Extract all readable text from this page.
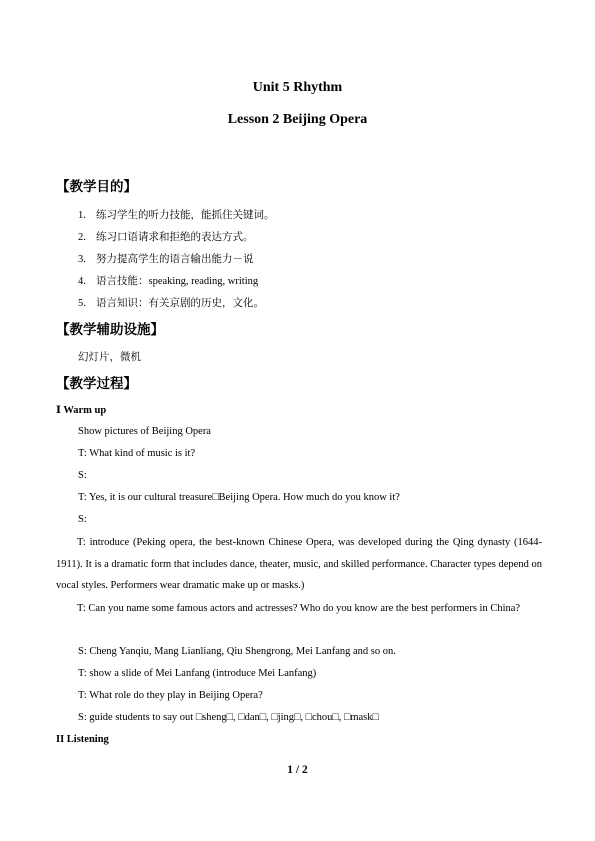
Unit 5 Rhythm
Lesson 2 Beijing Opera
【教学目的】
1. 练习学生的听力技能，能抓住关键词。
2. 练习口语请求和拒绝的表达方式。
3. 努力提高学生的语言输出能力－说
4. 语言技能：speaking, reading, writing
5. 语言知识：有关京剧的历史，文化。
【教学辅助设施】
幻灯片，微机
【教学过程】
Ⅰ Warm up
Show pictures of Beijing Opera
T: What kind of music is it?
S:
T: Yes, it is our cultural treasure□Beijing Opera. How much do you know it?
S:
T: introduce (Peking opera, the best-known Chinese Opera, was developed during the Qing dynasty (1644-1911). It is a dramatic form that includes dance, theater, music, and skilled performance. Character types depend on vocal styles. Performers wear dramatic make up or masks.)
T: Can you name some famous actors and actresses? Who do you know are the best performers in China?
S: Cheng Yanqiu, Mang Lianliang, Qiu Shengrong, Mei Lanfang and so on.
T: show a slide of Mei Lanfang (introduce Mei Lanfang)
T: What role do they play in Beijing Opera?
S: guide students to say out □sheng□, □dan□, □jing□, □chou□, □mask□
II Listening
1 / 2
